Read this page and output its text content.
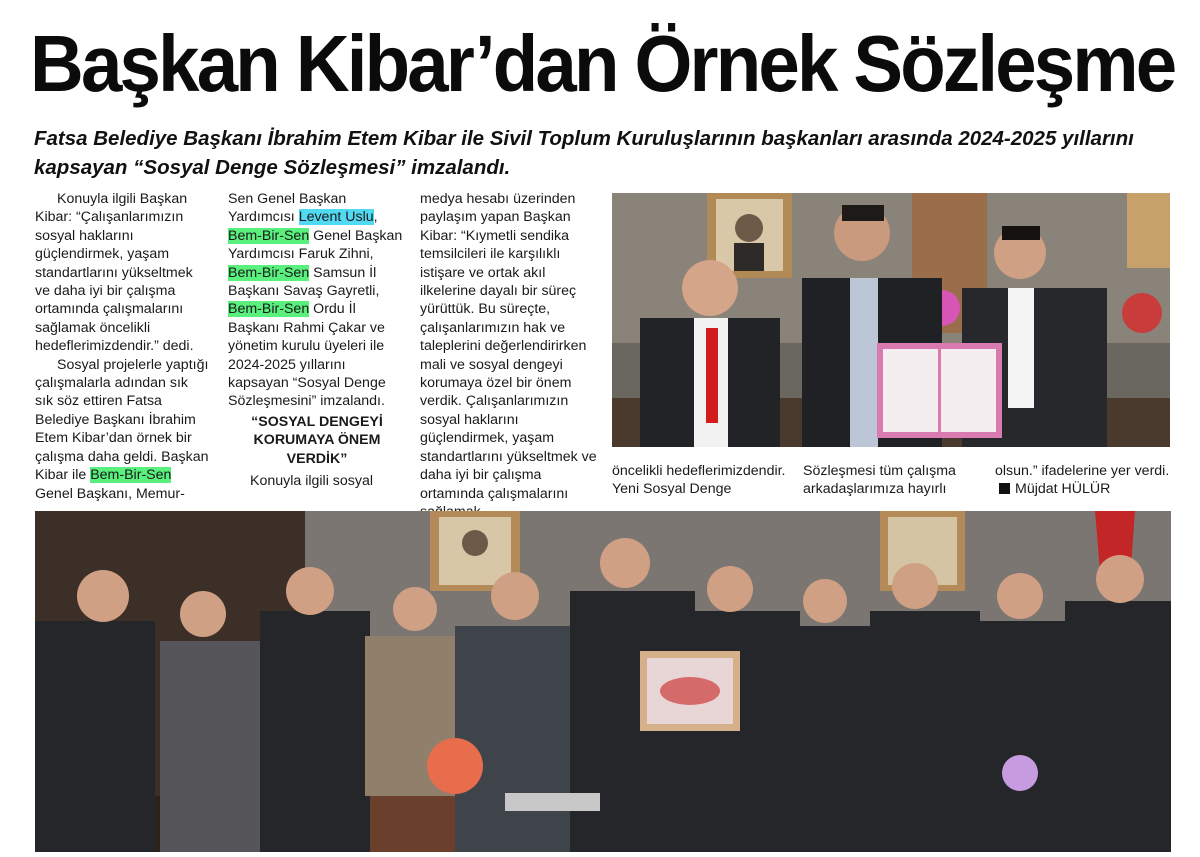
Başkan Kibar’dan Örnek Sözleşme

Fatsa Belediye Başkanı İbrahim Etem Kibar ile Sivil Toplum Kuruluşlarının başkanları arasında 2024-2025 yıllarını kapsayan “Sosyal Denge Sözleşmesi” imzalandı.

Konuyla ilgili Başkan Kibar: “Çalışanlarımızın sosyal haklarını güçlendirmek, yaşam standartlarını yükseltmek ve daha iyi bir çalışma ortamında çalışmalarını sağlamak öncelikli hedeflerimizdendir.” dedi.

Sosyal projelerle yaptığı çalışmalarla adından sık sık söz ettiren Fatsa Belediye Başkanı İbrahim Etem Kibar’dan örnek bir çalışma daha geldi. Başkan Kibar ile Bem-Bir-Sen Genel Başkanı, Memur-

Sen Genel Başkan Yardımcısı Levent Uslu, Bem-Bir-Sen Genel Başkan Yardımcısı Faruk Zihni, Bem-Bir-Sen Samsun İl Başkanı Savaş Gayretli, Bem-Bir-Sen Ordu İl Başkanı Rahmi Çakar ve yönetim kurulu üyeleri ile 2024-2025 yıllarını kapsayan “Sosyal Denge Sözleşmesini” imzalandı.

“SOSYAL DENGEYİ KORUMAYA ÖNEM VERDİK”

Konuyla ilgili sosyal

medya hesabı üzerinden paylaşım yapan Başkan Kibar: “Kıymetli sendika temsilcileri ile karşılıklı istişare ve ortak akıl ilkelerine dayalı bir süreç yürüttük. Bu süreçte, çalışanlarımızın hak ve taleplerini değerlendirirken mali ve sosyal dengeyi korumaya özel bir önem verdik. Çalışanlarımızın sosyal haklarını güçlendirmek, yaşam standartlarını yükseltmek ve daha iyi bir çalışma ortamında çalışmalarını

öncelikli hedeflerimizdendir. Yeni Sosyal Denge
Sözleşmesi tüm çalışma arkadaşlarımıza hayırlı
olsun.” ifadelerine yer verdi.Müjdat HÜLÜR
